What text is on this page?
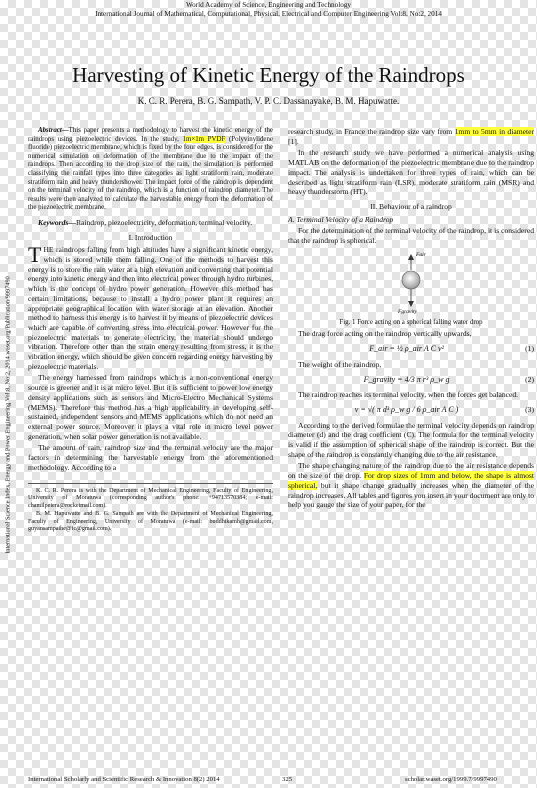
World Academy of Science, Engineering and Technology
International Journal of Mathematical, Computational, Physical, Electrical and Computer Engineering Vol:8, No:2, 2014
Harvesting of Kinetic Energy of the Raindrops
K. C. R. Perera, B. G. Sampath, V. P. C. Dassanayake, B. M. Hapuwatte.
International Science Index, Energy and Power Engineering Vol:8, No:2, 2014 waset.org/Publication/9997490

Abstract—This paper presents a methodology to harvest the kinetic energy of the raindrops using piezoelectric devices. In the study, 1m×1m PVDF (Polyvinylidene fluoride) piezoelectric membrane, which is fixed by the four edges, is considered for the numerical simulation on deformation of the membrane due to the impact of the raindrops. Then according to the drop size of the rain, the simulation is performed classifying the rainfall types into three categories as light stratiform rain, moderate stratiform rain and heavy thundershower. The impact force of the raindrop is dependent on the terminal velocity of the raindrop, which is a function of raindrop diameter. The results were then analyzed to calculate the harvestable energy from the deformation of the piezoelectric membrane.

Keywords—Raindrop, piezoelectricity, deformation, terminal velocity.

I. Introduction

THE raindrops falling from high altitudes have a significant kinetic energy, which is stored while them falling. One of the methods to harvest this energy is to store the rain water at a high elevation and converting that potential energy into kinetic energy and then into electrical power through hydro turbines, which is the concept of hydro power generation. However this method has certain limitations, because to install a hydro power plant it requires an appropriate geographical location with water storage at an elevation. Another method to harness this energy is to harvest it by means of piezoelectric devices which are capable of converting stress into electrical power. However for the piezoelectric materials to generate electricity, the material should undergo vibration. Therefore other than the strain energy resulting from stress, it is the vibration energy, which should be given concern regarding energy harvesting by piezoelectric materials.

The energy harnessed from raindrops which is a non-conventional energy source is greener and it is at micro level. But it is sufficient to power low energy density applications such as sensors and Micro-Electro Mechanical Systems (MEMS). Therefore this method has a high applicability in developing self-sustained, independent sensors and MEMS applications which do not need an external power source. Moreover it plays a vital role in micro level power generation, when solar power generation is not available.

The amount of rain, raindrop size and the terminal velocity are the major factors in determining the harvestable energy from the aforementioned methodology. According to a

K. C. R. Perera is with the Department of Mechanical Engineering, Faculty of Engineering, University of Moratuwa (corresponding author's phone: +94713570384; e-mail: chamilpeiera@rocketmail.com).

B. M. Hapuwatte and B. G. Sampath are with the Department of Mechanical Engineering, Faculty of Engineering, University of Moratuwa (e-mail: buddhikamh@gmail.com, guyansampathe@fc@gmail.com).

research study, in France the raindrop size vary from 1mm to 5mm in diameter [1].

In the research study we have performed a numerical analysis using MATLAB on the deformation of the piezoelectric membrane due to the raindrop impact. The analysis is undertaken for three types of rain, which can be described as light stratiform rain (LSR), moderate stratiform rain (MSR) and heavy thunderstorm (HT).

II. Behaviour of a raindrop

A. Terminal Velocity of a Raindrop

For the determination of the terminal velocity of the raindrop, it is considered that the raindrop is spherical.

Fair
Fgravity

Fig. 1 Force acting on a spherical falling water drop

The drag force acting on the raindrop vertically upwards,

F_air = ½ ρ_air A C v²	(1)

The weight of the raindrop,

F_gravity = 4/3 π r³ ρ_w g	(2)

The raindrop reaches its terminal velocity, when the forces get balanced.

v = √( π d³ ρ_w g / 6 ρ_air A C )	(3)

According to the derived formulae the terminal velocity depends on raindrop diameter (d) and the drag coefficient (C). The formula for the terminal velocity is valid if the assumption of spherical shape of the raindrop is correct. But the shape of the raindrop is constantly changing due to the air resistance.

The shape changing nature of the raindrop due to the air resistance depends on the size of the drop. For drop sizes of 1mm and below, the shape is almost spherical, but it shape change gradually increases when the diameter of the raindrop increases. All tables and figures you insert in your document are only to help you gauge the size of your paper, for the

International Scholarly and Scientific Research & Innovation 8(2) 2014	325	scholar.waset.org/1999.7/9997490
